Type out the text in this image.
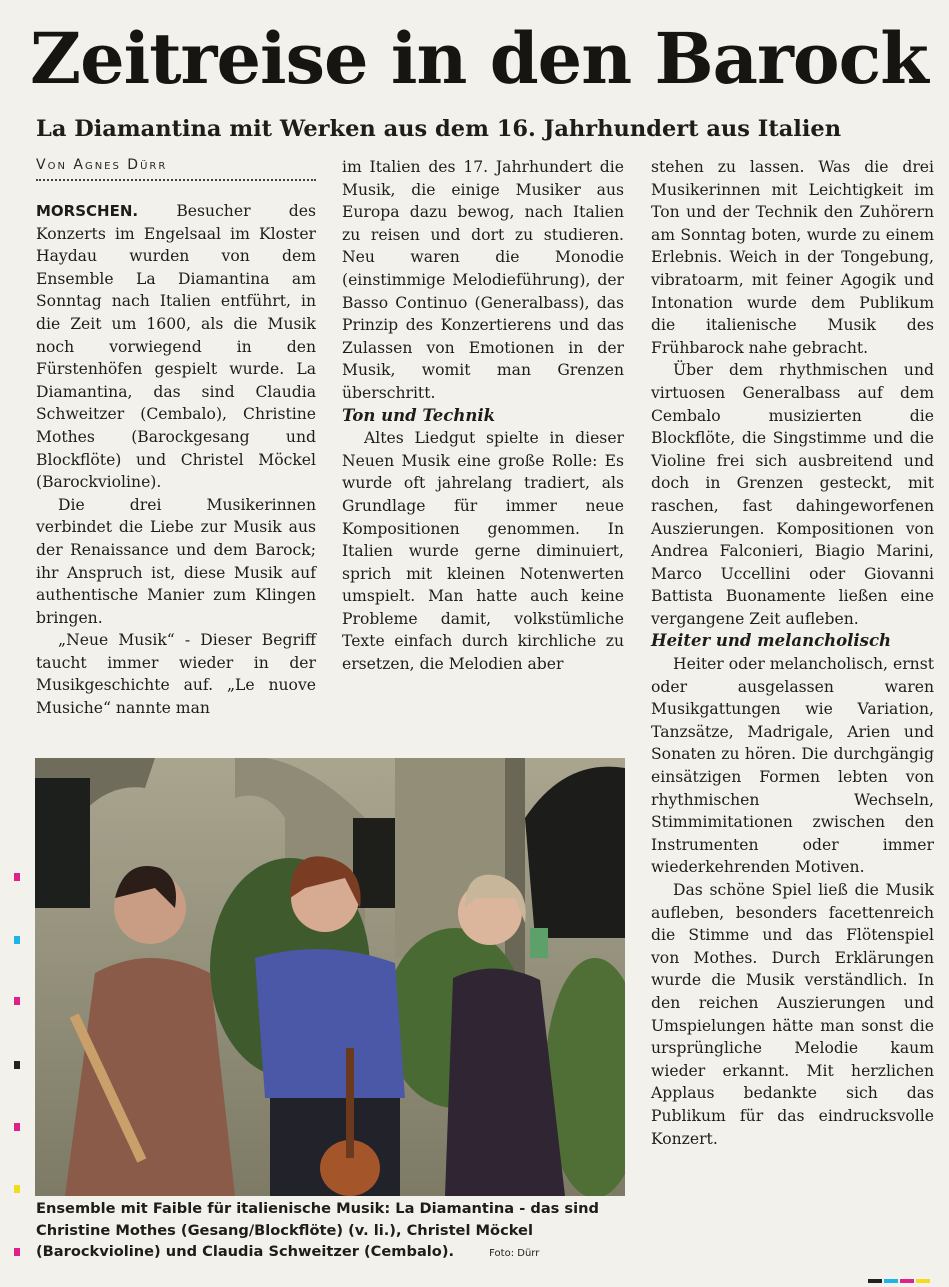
Zeitreise in den Barock
La Diamantina mit Werken aus dem 16. Jahrhundert aus Italien
Von Agnes Dürr

MORSCHEN. Besucher des Konzerts im Engelsaal im Kloster Haydau wurden von dem Ensemble La Diamantina am Sonntag nach Italien entführt, in die Zeit um 1600, als die Musik noch vorwiegend in den Fürstenhöfen gespielt wurde. La Diamantina, das sind Claudia Schweitzer (Cembalo), Christine Mothes (Barockgesang und Blockflöte) und Christel Möckel (Barockvioline).

Die drei Musikerinnen verbindet die Liebe zur Musik aus der Renaissance und dem Barock; ihr Anspruch ist, diese Musik auf authentische Manier zum Klingen bringen.

„Neue Musik“ - Dieser Begriff taucht immer wieder in der Musikgeschichte auf. „Le nuove Musiche“ nannte man

im Italien des 17. Jahrhundert die Musik, die einige Musiker aus Europa dazu bewog, nach Italien zu reisen und dort zu studieren. Neu waren die Monodie (einstimmige Melodieführung), der Basso Continuo (Generalbass), das Prinzip des Konzertierens und das Zulassen von Emotionen in der Musik, womit man Grenzen überschritt.

Ton und Technik

Altes Liedgut spielte in dieser Neuen Musik eine große Rolle: Es wurde oft jahrelang tradiert, als Grundlage für immer neue Kompositionen genommen. In Italien wurde gerne diminuiert, sprich mit kleinen Notenwerten umspielt. Man hatte auch keine Probleme damit, volkstümliche Texte einfach durch kirchliche zu ersetzen, die Melodien aber

stehen zu lassen. Was die drei Musikerinnen mit Leichtigkeit im Ton und der Technik den Zuhörern am Sonntag boten, wurde zu einem Erlebnis. Weich in der Tongebung, vibratoarm, mit feiner Agogik und Intonation wurde dem Publikum die italienische Musik des Frühbarock nahe gebracht.

Über dem rhythmischen und virtuosen Generalbass auf dem Cembalo musizierten die Blockflöte, die Singstimme und die Violine frei sich ausbreitend und doch in Grenzen gesteckt, mit raschen, fast dahingeworfenen Auszierungen. Kompositionen von Andrea Falconieri, Biagio Marini, Marco Uccellini oder Giovanni Battista Buonamente ließen eine vergangene Zeit aufleben.

Heiter und melancholisch

Heiter oder melancholisch, ernst oder ausgelassen waren Musikgattungen wie Variation, Tanzsätze, Madrigale, Arien und Sonaten zu hören. Die durchgängig einsätzigen Formen lebten von rhythmischen Wechseln, Stimmimitationen zwischen den Instrumenten oder immer wiederkehrenden Motiven.

Das schöne Spiel ließ die Musik aufleben, besonders facettenreich die Stimme und das Flötenspiel von Mothes. Durch Erklärungen wurde die Musik verständlich. In den reichen Auszierungen und Umspielungen hätte man sonst die ursprüngliche Melodie kaum wieder erkannt. Mit herzlichen Applaus bedankte sich das Publikum für das eindrucksvolle Konzert.

Ensemble mit Faible für italienische Musik: La Diamantina - das sind Christine Mothes (Gesang/Blockflöte) (v. li.), Christel Möckel (Barockvioline) und Claudia Schweitzer (Cembalo).	Foto: Dürr
